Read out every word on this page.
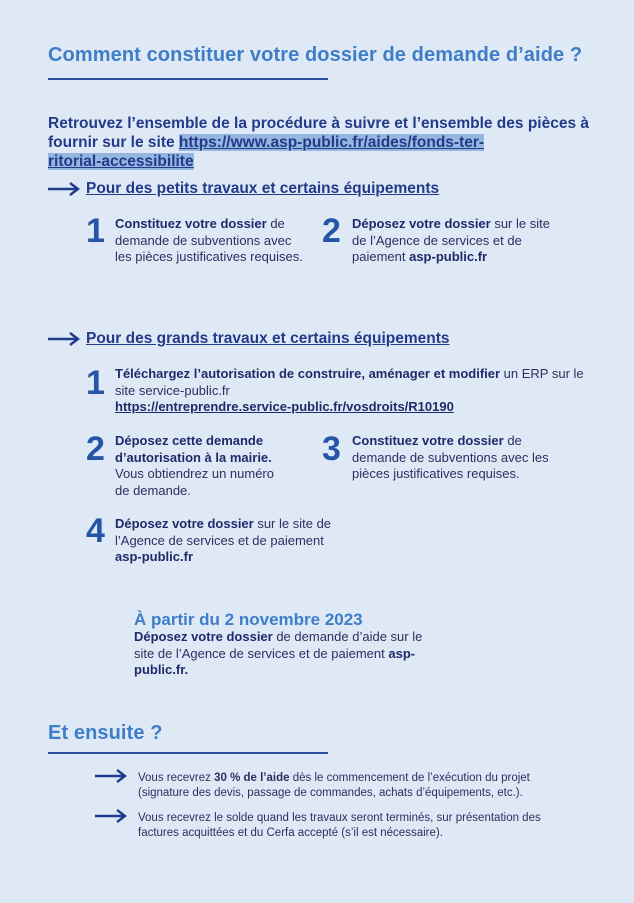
Comment constituer votre dossier de demande d’aide ?
Retrouvez l’ensemble de la procédure à suivre et l’ensemble des pièces à fournir sur le site https://www.asp-public.fr/aides/fonds-ter-
ritorial-accessibilite
Pour des petits travaux et certains équipements
1 Constituez votre dossier de demande de subventions avec les pièces justificatives requises.
2 Déposez votre dossier sur le site de l’Agence de services et de paiement asp-public.fr
Pour des grands travaux et certains équipements
1 Téléchargez l’autorisation de construire, aménager et modifier un ERP sur le site service-public.fr
https://entreprendre.service-public.fr/vosdroits/R10190
2 Déposez cette demande d’autorisation à la mairie. Vous obtiendrez un numéro de demande.
3 Constituez votre dossier de demande de subventions avec les pièces justificatives requises.
4 Déposez votre dossier sur le site de l’Agence de services et de paiement asp-public.fr
À partir du 2 novembre 2023
Déposez votre dossier de demande d’aide sur le site de l’Agence de services et de paiement asp-public.fr.
Et ensuite ?
Vous recevrez 30 % de l’aide dès le commencement de l’exécution du projet (signature des devis, passage de commandes, achats d’équipements, etc.).
Vous recevrez le solde quand les travaux seront terminés, sur présentation des factures acquittées et du Cerfa accepté (s’il est nécessaire).
